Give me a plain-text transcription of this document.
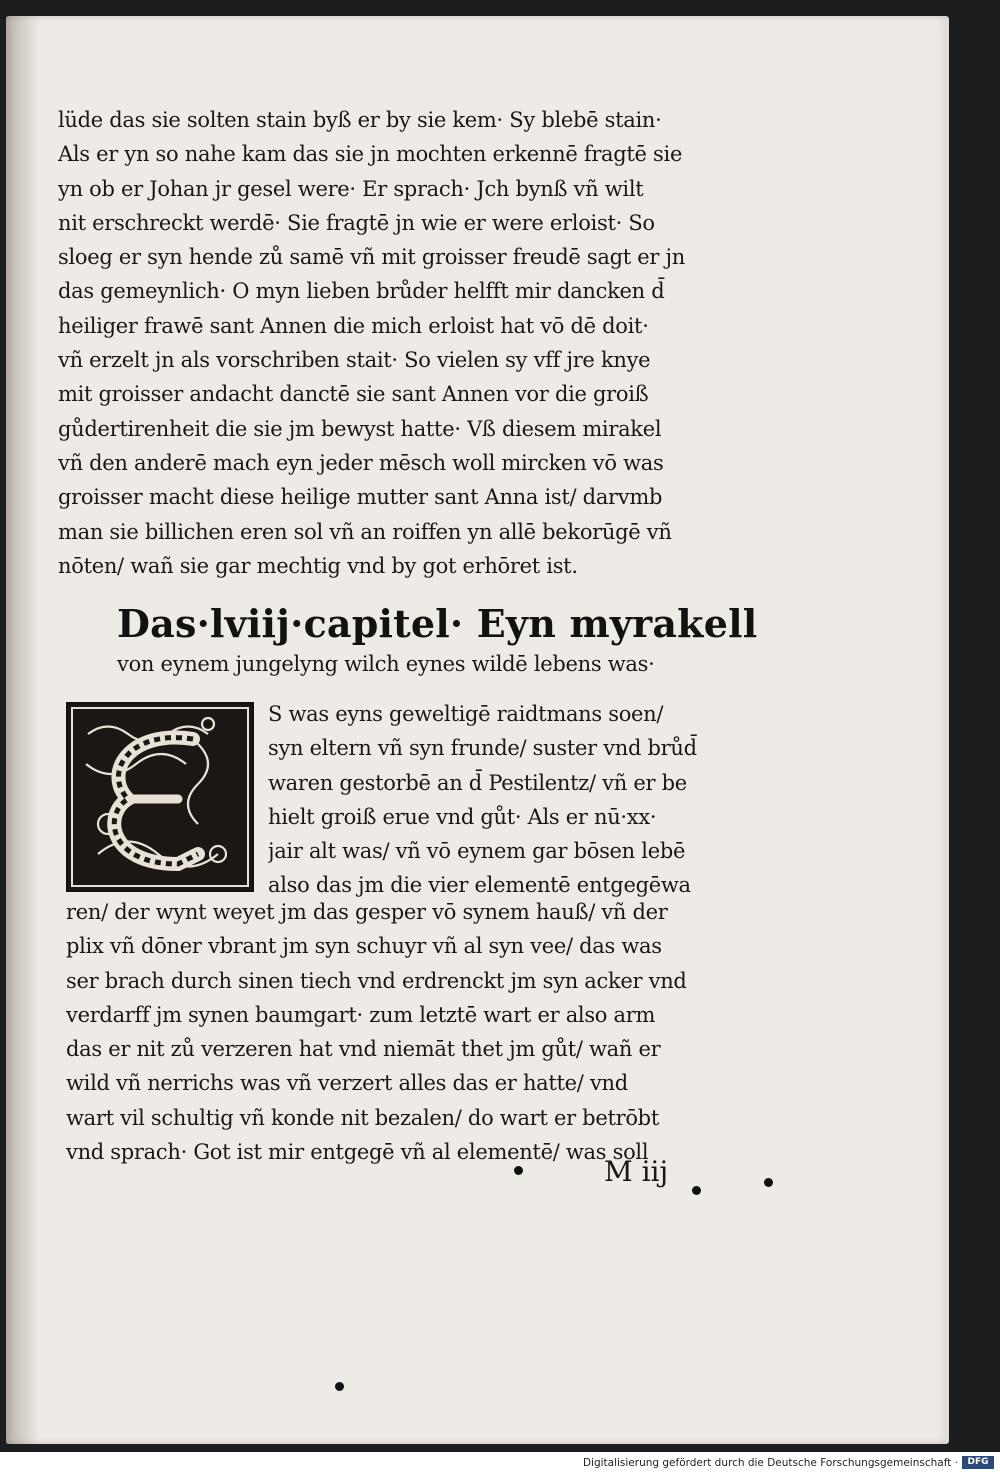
lüde das sie solten stain byß er by sie kem· Sy blebē stain·
Als er yn so nahe kam das sie jn mochten erkennē fragtē sie
yn ob er Johan jr gesel were· Er sprach· Jch bynß vñ wilt
nit erschreckt werdē· Sie fragtē jn wie er were erloist· So
sloeg er syn hende zů samē vñ mit groisser freudē sagt er jn
das gemeynlich· O myn lieben brůder helfft mir dancken d̄
heiliger frawē sant Annen die mich erloist hat vō dē doit·
vñ erzelt jn als vorschriben stait· So vielen sy vff jre knye
mit groisser andacht danctē sie sant Annen vor die groiß
gůdertirenheit die sie jm bewyst hatte· Vß diesem mirakel
vñ den anderē mach eyn jeder mēsch woll mircken vō was
groisser macht diese heilige mutter sant Anna ist/ darvmb
man sie billichen eren sol vñ an roiffen yn allē bekorūgē vñ
nōten/ wañ sie gar mechtig vnd by got erhōret ist.
Das·lviij·capitel· Eyn myrakell
von eynem jungelyng wilch eynes wildē lebens was·
S was eyns geweltigē raidtmans soen/
syn eltern vñ syn frunde/ suster vnd brůd̄
waren gestorbē an d̄ Pestilentz/ vñ er be
hielt groiß erue vnd gůt· Als er nū·xx·
jair alt was/ vñ vō eynem gar bōsen lebē
also das jm die vier elementē entgegēwa
ren/ der wynt weyet jm das gesper vō synem hauß/ vñ der
plix vñ dōner vbrant jm syn schuyr vñ al syn vee/ das was
ser brach durch sinen tiech vnd erdrenckt jm syn acker vnd
verdarff jm synen baumgart· zum letztē wart er also arm
das er nit zů verzeren hat vnd niemāt thet jm gůt/ wañ er
wild vñ nerrichs was vñ verzert alles das er hatte/ vnd
wart vil schultig vñ konde nit bezalen/ do wart er betrōbt
vnd sprach· Got ist mir entgegē vñ al elementē/ was soll
M iij
Digitalisierung gefördert durch die Deutsche Forschungsgemeinschaft ·	DFG
